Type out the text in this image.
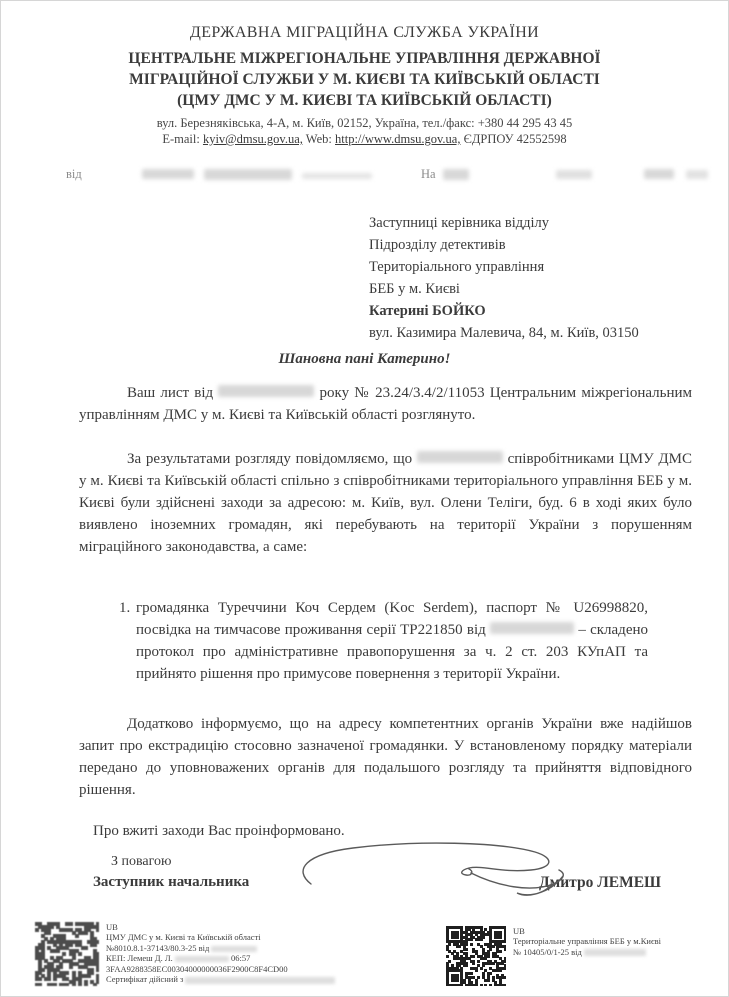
ДЕРЖАВНА МІГРАЦІЙНА СЛУЖБА УКРАЇНИ
ЦЕНТРАЛЬНЕ МІЖРЕГІОНАЛЬНЕ УПРАВЛІННЯ ДЕРЖАВНОЇ
МІГРАЦІЙНОЇ СЛУЖБИ У М. КИЄВІ ТА КИЇВСЬКІЙ ОБЛАСТІ
(ЦМУ ДМС У М. КИЄВІ ТА КИЇВСЬКІЙ ОБЛАСТІ)
вул. Березняківська, 4-А, м. Київ, 02152, Україна, тел./факс: +380 44 295 43 45
E-mail: kyiv@dmsu.gov.ua, Web: http://www.dmsu.gov.ua, ЄДРПОУ 42552598
від	На
Заступниці керівника відділу
Підрозділу детективів
Територіального управління
БЕБ у м. Києві
Катерині БОЙКО
вул. Казимира Малевича, 84, м. Київ, 03150
Шановна пані Катерино!

Ваш лист від	року № 23.24/3.4/2/11053 Центральним міжрегіональним управлінням ДМС у м. Києві та Київській області розглянуто.

За результатами розгляду повідомляємо, що	співробітниками ЦМУ ДМС у м. Києві та Київській області спільно з співробітниками територіального управління БЕБ у м. Києві були здійснені заходи за адресою: м. Київ, вул. Олени Теліги, буд. 6 в ході яких було виявлено іноземних громадян, які перебувають на території України з порушенням міграційного законодавства, а саме:

1. громадянка Туреччини Коч Сердем (Koc Serdem), паспорт № U26998820, посвідка на тимчасове проживання серії ТР221850 від	– складено протокол про адміністративне правопорушення за ч. 2 ст. 203 КУпАП та прийнято рішення про примусове повернення з території України.

Додатково інформуємо, що на адресу компетентних органів України вже надійшов запит про екстрадицію стосовно зазначеної громадянки. У встановленому порядку матеріали передано до уповноважених органів для подальшого розгляду та прийняття відповідного рішення.

Про вжиті заходи Вас проінформовано.

З повагою
Заступник начальника	Дмитро ЛЕМЕШ
UB
ЦМУ ДМС у м. Києві та Київській області
№8010.8.1-37143/80.3-25 від
КЕП: Лемеш Д. Л.	06:57
3FAA9288358EC00304000000036F2900C8F4CD00
Сертифікат дійсний з
UB
Територіальне управління БЕБ у м.Києві
№ 10405/0/1-25 від
